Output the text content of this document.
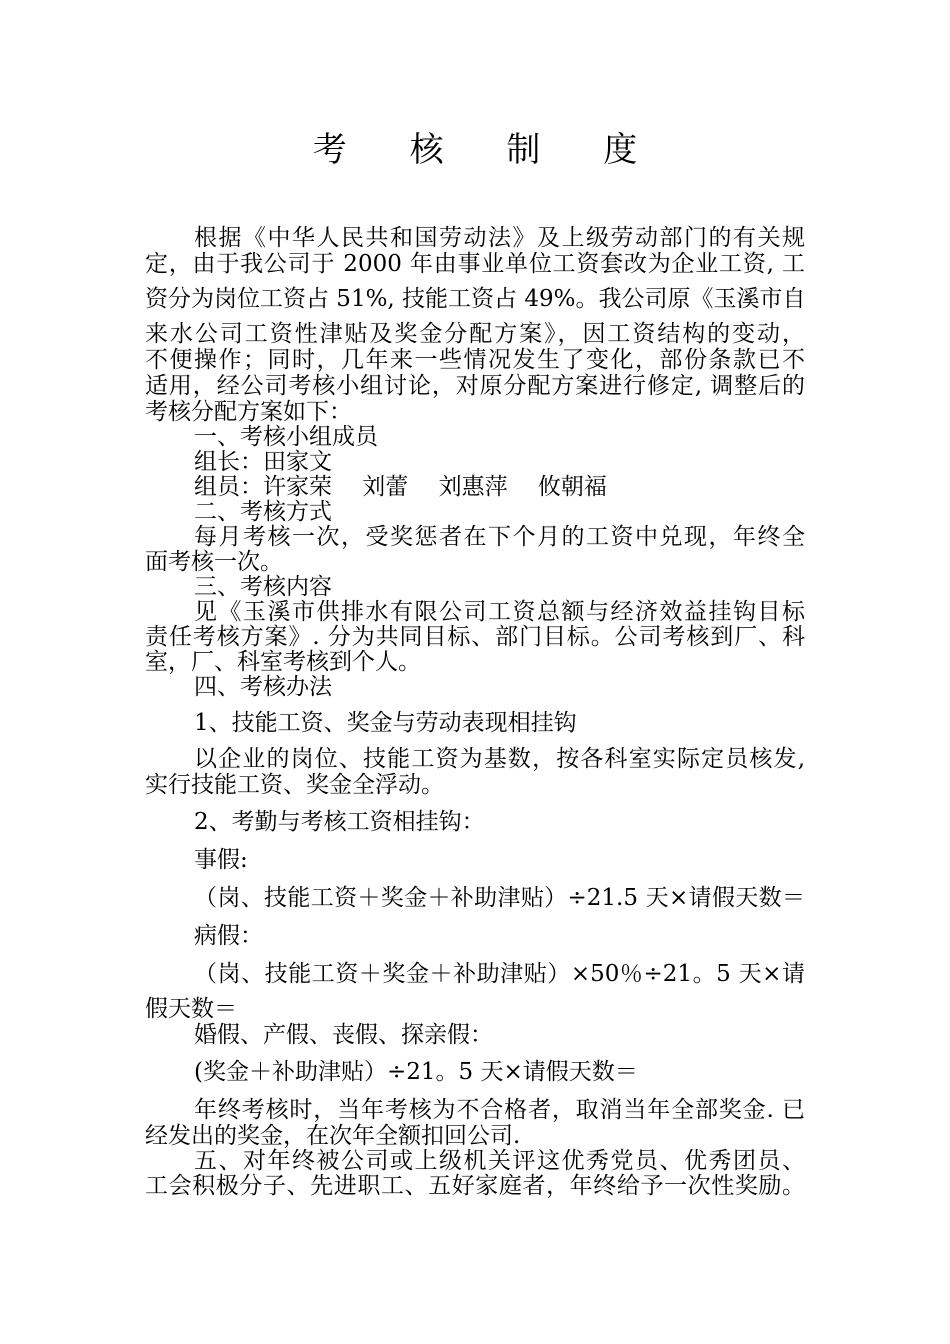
考 核 制 度
根据《中华人民共和国劳动法》及上级劳动部门的有关规
定，由于我公司于 2000 年由事业单位工资套改为企业工资, 工
资分为岗位工资占 51%, 技能工资占 49%。我公司原《玉溪市自
来水公司工资性津贴及奖金分配方案》，因工资结构的变动，
不便操作；同时，几年来一些情况发生了变化，部份条款已不
适用，经公司考核小组讨论，对原分配方案进行修定, 调整后的
考核分配方案如下：
一、考核小组成员
组长：田家文
组员：许家荣　 刘蕾　 刘惠萍　 攸朝福
二、考核方式
每月考核一次，受奖惩者在下个月的工资中兑现，年终全
面考核一次。
三、考核内容
见《玉溪市供排水有限公司工资总额与经济效益挂钩目标
责任考核方案》. 分为共同目标、部门目标。公司考核到厂、科
室，厂、科室考核到个人。
四、考核办法
1、技能工资、奖金与劳动表现相挂钩
以企业的岗位、技能工资为基数，按各科室实际定员核发,
实行技能工资、奖金全浮动。
2、考勤与考核工资相挂钩：
事假:
（岗、技能工资＋奖金＋补助津贴）÷21.5 天×请假天数＝
病假：
（岗、技能工资＋奖金＋补助津贴）×50％÷21。5 天×请
假天数＝
婚假、产假、丧假、探亲假：
(奖金＋补助津贴）÷21。5 天×请假天数＝
年终考核时，当年考核为不合格者，取消当年全部奖金. 已
经发出的奖金，在次年全额扣回公司.
五、对年终被公司或上级机关评这优秀党员、优秀团员、
工会积极分子、先进职工、五好家庭者，年终给予一次性奖励。
